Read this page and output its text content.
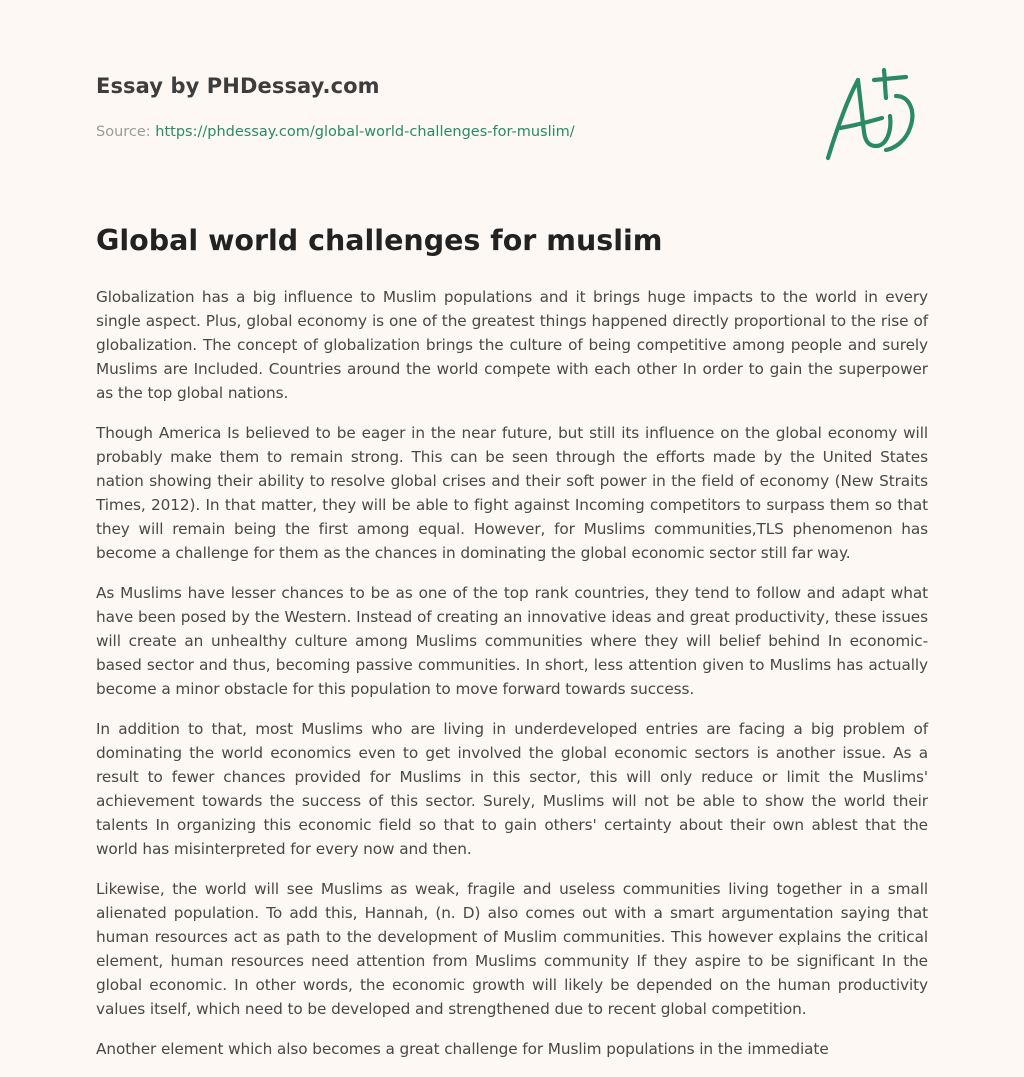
Essay by PHDessay.com
Source: https://phdessay.com/global-world-challenges-for-muslim/
Global world challenges for muslim

Globalization has a big influence to Muslim populations and it brings huge impacts to the world in every single aspect. Plus, global economy is one of the greatest things happened directly proportional to the rise of globalization. The concept of globalization brings the culture of being competitive among people and surely Muslims are Included. Countries around the world compete with each other In order to gain the superpower as the top global nations.

Though America Is believed to be eager in the near future, but still its influence on the global economy will probably make them to remain strong. This can be seen through the efforts made by the United States nation showing their ability to resolve global crises and their soft power in the field of economy (New Straits Times, 2012). In that matter, they will be able to fight against Incoming competitors to surpass them so that they will remain being the first among equal. However, for Muslims communities,TLS phenomenon has become a challenge for them as the chances in dominating the global economic sector still far way.

As Muslims have lesser chances to be as one of the top rank countries, they tend to follow and adapt what have been posed by the Western. Instead of creating an innovative ideas and great productivity, these issues will create an unhealthy culture among Muslims communities where they will belief behind In economic- based sector and thus, becoming passive communities. In short, less attention given to Muslims has actually become a minor obstacle for this population to move forward towards success.

In addition to that, most Muslims who are living in underdeveloped entries are facing a big problem of dominating the world economics even to get involved the global economic sectors is another issue. As a result to fewer chances provided for Muslims in this sector, this will only reduce or limit the Muslims' achievement towards the success of this sector. Surely, Muslims will not be able to show the world their talents In organizing this economic field so that to gain others' certainty about their own ablest that the world has misinterpreted for every now and then.

Likewise, the world will see Muslims as weak, fragile and useless communities living together in a small alienated population. To add this, Hannah, (n. D) also comes out with a smart argumentation saying that human resources act as path to the development of Muslim communities. This however explains the critical element, human resources need attention from Muslims community If they aspire to be significant In the global economic. In other words, the economic growth will likely be depended on the human productivity values itself, which need to be developed and strengthened due to recent global competition.

Another element which also becomes a great challenge for Muslim populations in the immediate
